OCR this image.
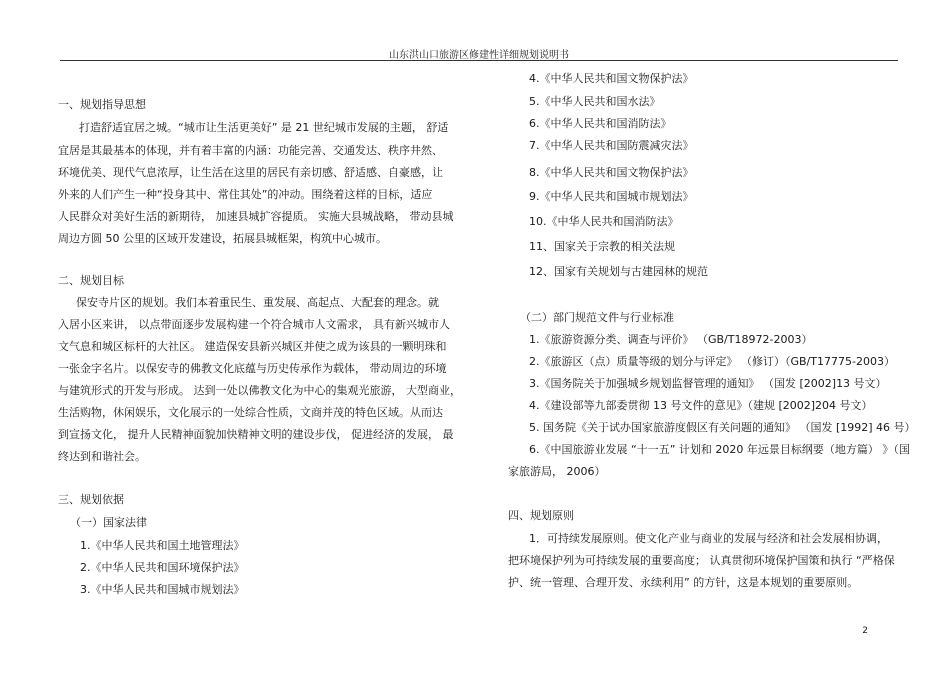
山东洪山口旅游区修建性详细规划说明书
一、规划指导思想
打造舒适宜居之城。“城市让生活更美好” 是 21 世纪城市发展的主题， 舒适
宜居是其最基本的体现，并有着丰富的内涵：功能完善、交通发达、秩序井然、
环境优美、现代气息浓厚，让生活在这里的居民有亲切感、舒适感、自豪感，让
外来的人们产生一种“投身其中、常住其处”的冲动。围绕着这样的目标，适应
人民群众对美好生活的新期待， 加速县城扩容提质。 实施大县城战略， 带动县城
周边方圆 50 公里的区域开发建设，拓展县城框架，构筑中心城市。
二、规划目标
保安寺片区的规划。我们本着重民生、重发展、高起点、大配套的理念。就
入居小区来讲， 以点带面逐步发展构建一个符合城市人文需求， 具有新兴城市人
文气息和城区标杆的大社区。 建造保安县新兴城区并使之成为该县的一颗明珠和
一张金字名片。以保安寺的佛教文化底蕴与历史传承作为载体， 带动周边的环境
与建筑形式的开发与形成。 达到一处以佛教文化为中心的集观光旅游， 大型商业，
生活购物，休闲娱乐，文化展示的一处综合性质，文商并茂的特色区域。从而达
到宣扬文化， 提升人民精神面貌加快精神文明的建设步伐， 促进经济的发展， 最
终达到和谐社会。
三、规划依据
（一）国家法律
1.《中华人民共和国土地管理法》
2.《中华人民共和国环境保护法》
3.《中华人民共和国城市规划法》
4.《中华人民共和国文物保护法》
5.《中华人民共和国水法》
6.《中华人民共和国消防法》
7.《中华人民共和国防震减灾法》
8.《中华人民共和国文物保护法》
9.《中华人民共和国城市规划法》
10.《中华人民共和国消防法》
11、国家关于宗教的相关法规
12、国家有关规划与古建园林的规范
（二）部门规范文件与行业标准
1.《旅游资源分类、调查与评价》 （GB/T18972-2003）
2.《旅游区（点）质量等级的划分与评定》 （修订）（GB/T17775-2003）
3.《国务院关于加强城乡规划监督管理的通知》 （国发 [2002]13 号文）
4.《建设部等九部委贯彻 13 号文件的意见》（建规 [2002]204 号文）
5. 国务院《关于试办国家旅游度假区有关问题的通知》 （国发 [1992] 46 号）
6.《中国旅游业发展 “十一五” 计划和 2020 年远景目标纲要（地方篇） 》（国
家旅游局， 2006）
四、规划原则
1．可持续发展原则。使文化产业与商业的发展与经济和社会发展相协调，
把环境保护列为可持续发展的重要高度； 认真贯彻环境保护国策和执行 “严格保
护、统一管理、合理开发、永续利用” 的方针，这是本规划的重要原则。
2
